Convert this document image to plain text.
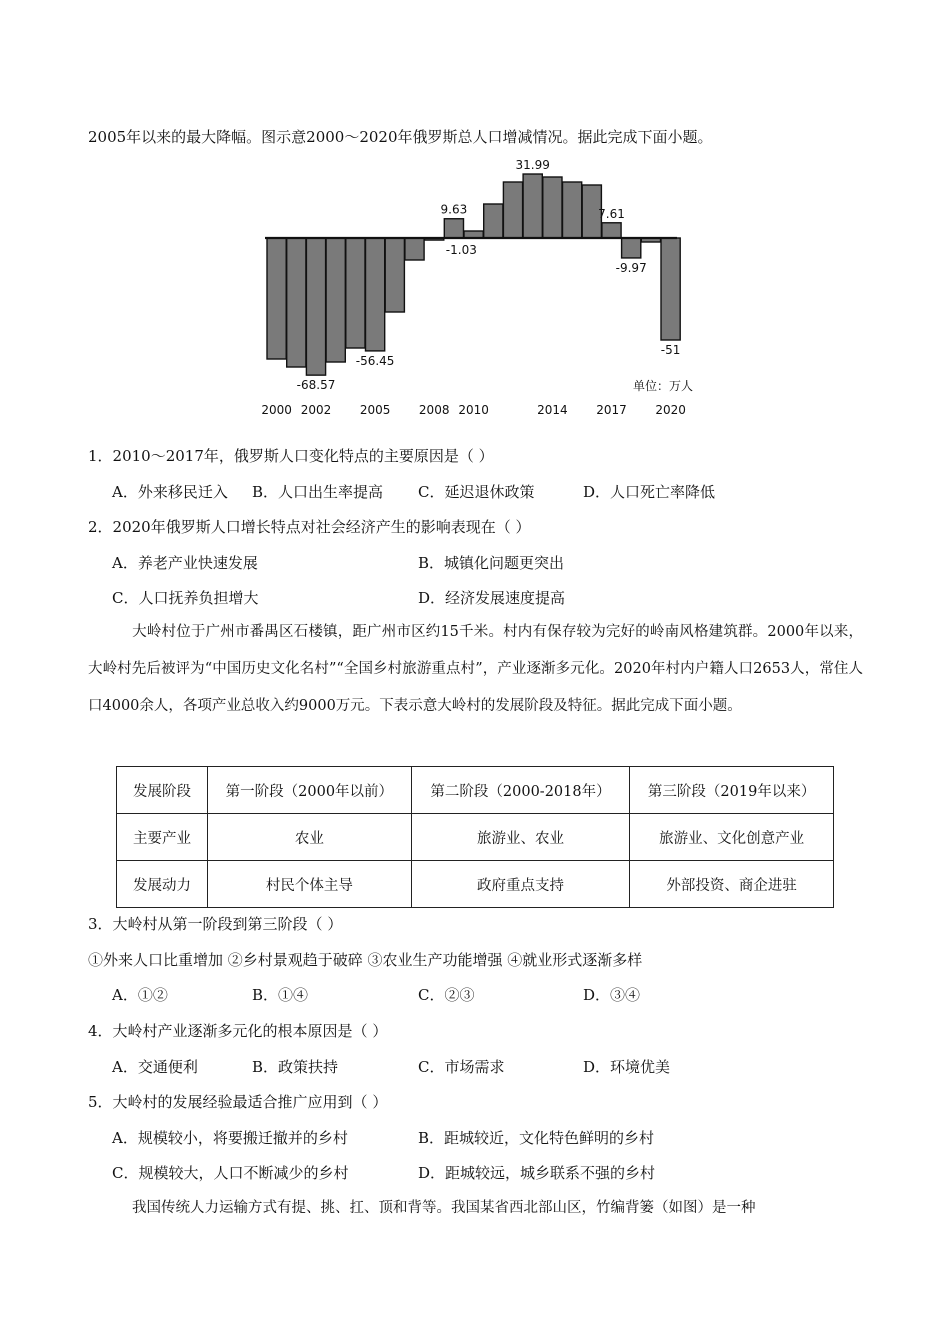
2005年以来的最大降幅。图示意2000～2020年俄罗斯总人口增减情况。据此完成下面小题。
31.99
9.63	7.61
-1.03
-9.97
-56.45
-68.57
-51
2000 2002 2005 2008 2010	2014 2017 2020
单位：万人
1．2010～2017年，俄罗斯人口变化特点的主要原因是（ ）
A．外来移民迁入 B．人口出生率提高 C．延迟退休政策	D．人口死亡率降低
2．2020年俄罗斯人口增长特点对社会经济产生的影响表现在（ ）
A．养老产业快速发展	B．城镇化问题更突出
C．人口抚养负担增大	D．经济发展速度提高
大岭村位于广州市番禺区石楼镇，距广州市区约15千米。村内有保存较为完好的岭南风格建筑群。2000年以来，大岭村先后被评为“中国历史文化名村”“全国乡村旅游重点村”，产业逐渐多元化。2020年村内户籍人口2653人，常住人口4000余人，各项产业总收入约9000万元。下表示意大岭村的发展阶段及特征。据此完成下面小题。
发展阶段	第一阶段（2000年以前）	第二阶段（2000-2018年）	第三阶段（2019年以来）
主要产业	农业	旅游业、农业	旅游业、文化创意产业
发展动力	村民个体主导	政府重点支持	外部投资、商企进驻
3．大岭村从第一阶段到第三阶段（ ）
①外来人口比重增加 ②乡村景观趋于破碎 ③农业生产功能增强 ④就业形式逐渐多样
A．①②	B．①④	C．②③	D．③④
4．大岭村产业逐渐多元化的根本原因是（ ）
A．交通便利	B．政策扶持	C．市场需求	D．环境优美
5．大岭村的发展经验最适合推广应用到（ ）
A．规模较小，将要搬迁撤并的乡村	B．距城较近，文化特色鲜明的乡村
C．规模较大，人口不断减少的乡村	D．距城较远，城乡联系不强的乡村
我国传统人力运输方式有提、挑、扛、顶和背等。我国某省西北部山区，竹编背篓（如图）是一种
